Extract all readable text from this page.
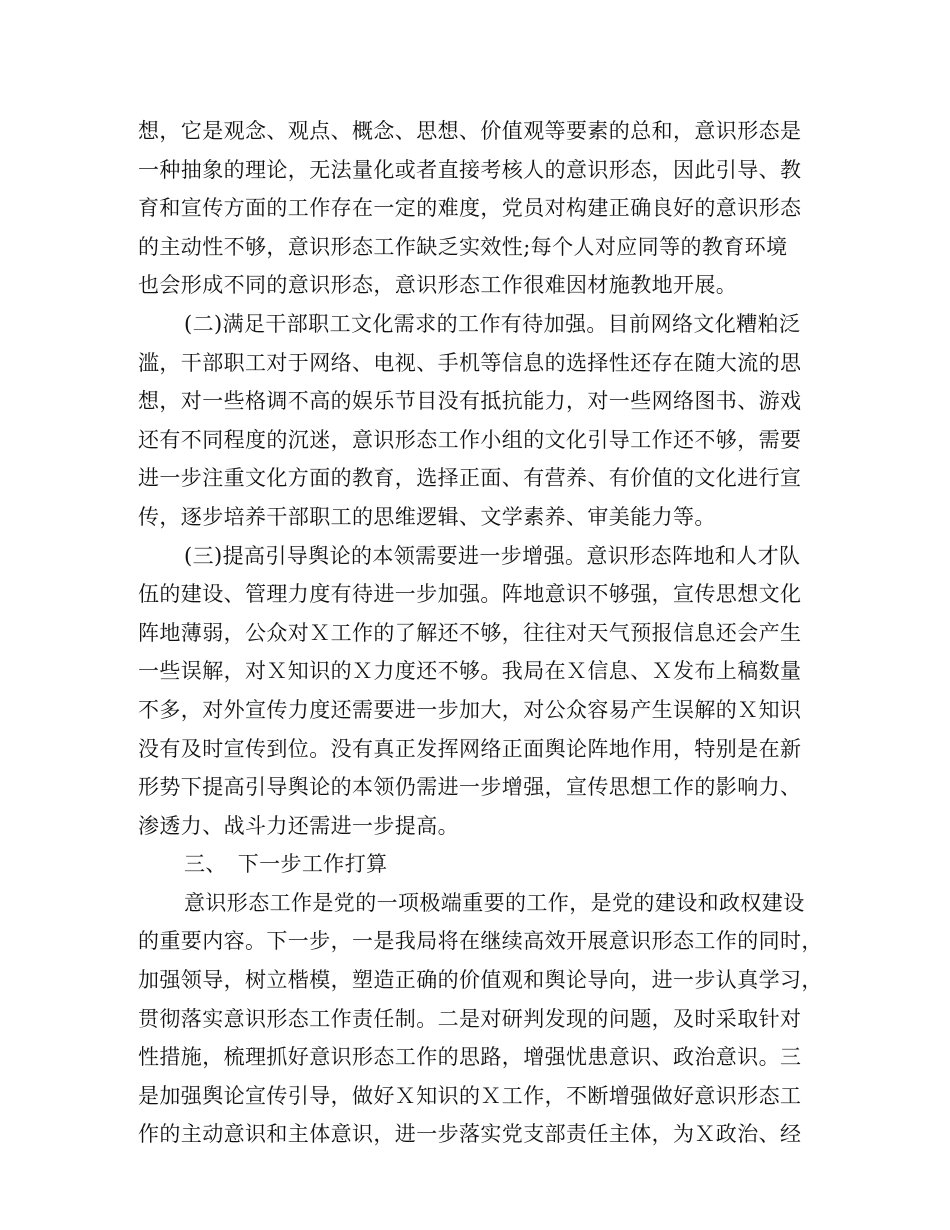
想，它是观念、观点、概念、思想、价值观等要素的总和，意识形态是
一种抽象的理论，无法量化或者直接考核人的意识形态，因此引导、教
育和宣传方面的工作存在一定的难度，党员对构建正确良好的意识形态
的主动性不够，意识形态工作缺乏实效性;每个人对应同等的教育环境
也会形成不同的意识形态，意识形态工作很难因材施教地开展。
(二)满足干部职工文化需求的工作有待加强。目前网络文化糟粕泛
滥，干部职工对于网络、电视、手机等信息的选择性还存在随大流的思
想，对一些格调不高的娱乐节目没有抵抗能力，对一些网络图书、游戏
还有不同程度的沉迷，意识形态工作小组的文化引导工作还不够，需要
进一步注重文化方面的教育，选择正面、有营养、有价值的文化进行宣
传，逐步培养干部职工的思维逻辑、文学素养、审美能力等。
(三)提高引导舆论的本领需要进一步增强。意识形态阵地和人才队
伍的建设、管理力度有待进一步加强。阵地意识不够强，宣传思想文化
阵地薄弱，公众对Ｘ工作的了解还不够，往往对天气预报信息还会产生
一些误解，对Ｘ知识的Ｘ力度还不够。我局在Ｘ信息、Ｘ发布上稿数量
不多，对外宣传力度还需要进一步加大，对公众容易产生误解的Ｘ知识
没有及时宣传到位。没有真正发挥网络正面舆论阵地作用，特别是在新
形势下提高引导舆论的本领仍需进一步增强，宣传思想工作的影响力、
渗透力、战斗力还需进一步提高。
三、　下一步工作打算
意识形态工作是党的一项极端重要的工作，是党的建设和政权建设
的重要内容。下一步，一是我局将在继续高效开展意识形态工作的同时，
加强领导，树立楷模，塑造正确的价值观和舆论导向，进一步认真学习，
贯彻落实意识形态工作责任制。二是对研判发现的问题，及时采取针对
性措施，梳理抓好意识形态工作的思路，增强忧患意识、政治意识。三
是加强舆论宣传引导，做好Ｘ知识的Ｘ工作，不断增强做好意识形态工
作的主动意识和主体意识，进一步落实党支部责任主体，为Ｘ政治、经
